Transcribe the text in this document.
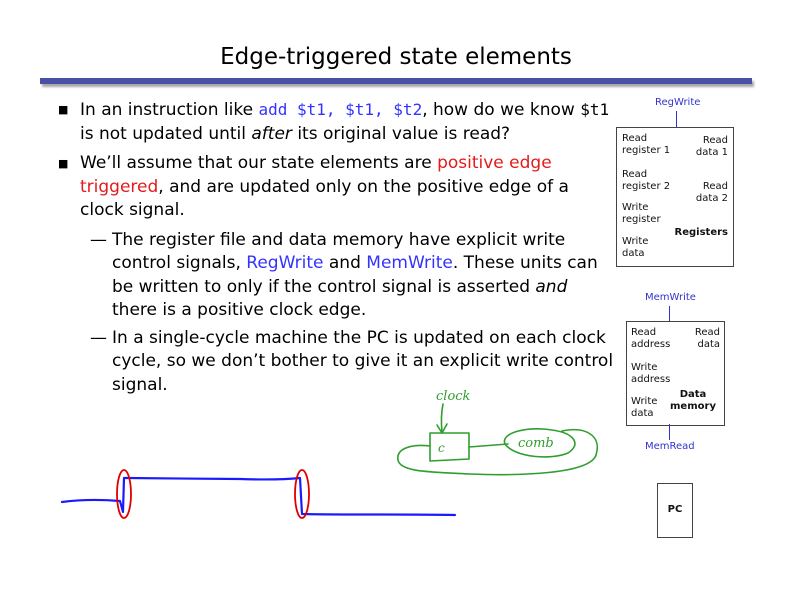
Edge-triggered state elements
■ In an instruction like add $t1, $t1, $t2, how do we know $t1 is not updated until after its original value is read?
■ We’ll assume that our state elements are positive edge triggered, and are updated only on the positive edge of a clock signal.
— The register file and data memory have explicit write control signals, RegWrite and MemWrite. These units can be written to only if the control signal is asserted and there is a positive clock edge.
— In a single-cycle machine the PC is updated on each clock cycle, so we don’t bother to give it an explicit write control signal.
RegWrite
Read register 1
Read register 2
Write register
Write data
Read data 1
Read data 2
Registers
MemWrite
Read address
Write address
Write data
Read data
Data memory
MemRead
PC
clock
c	comb
